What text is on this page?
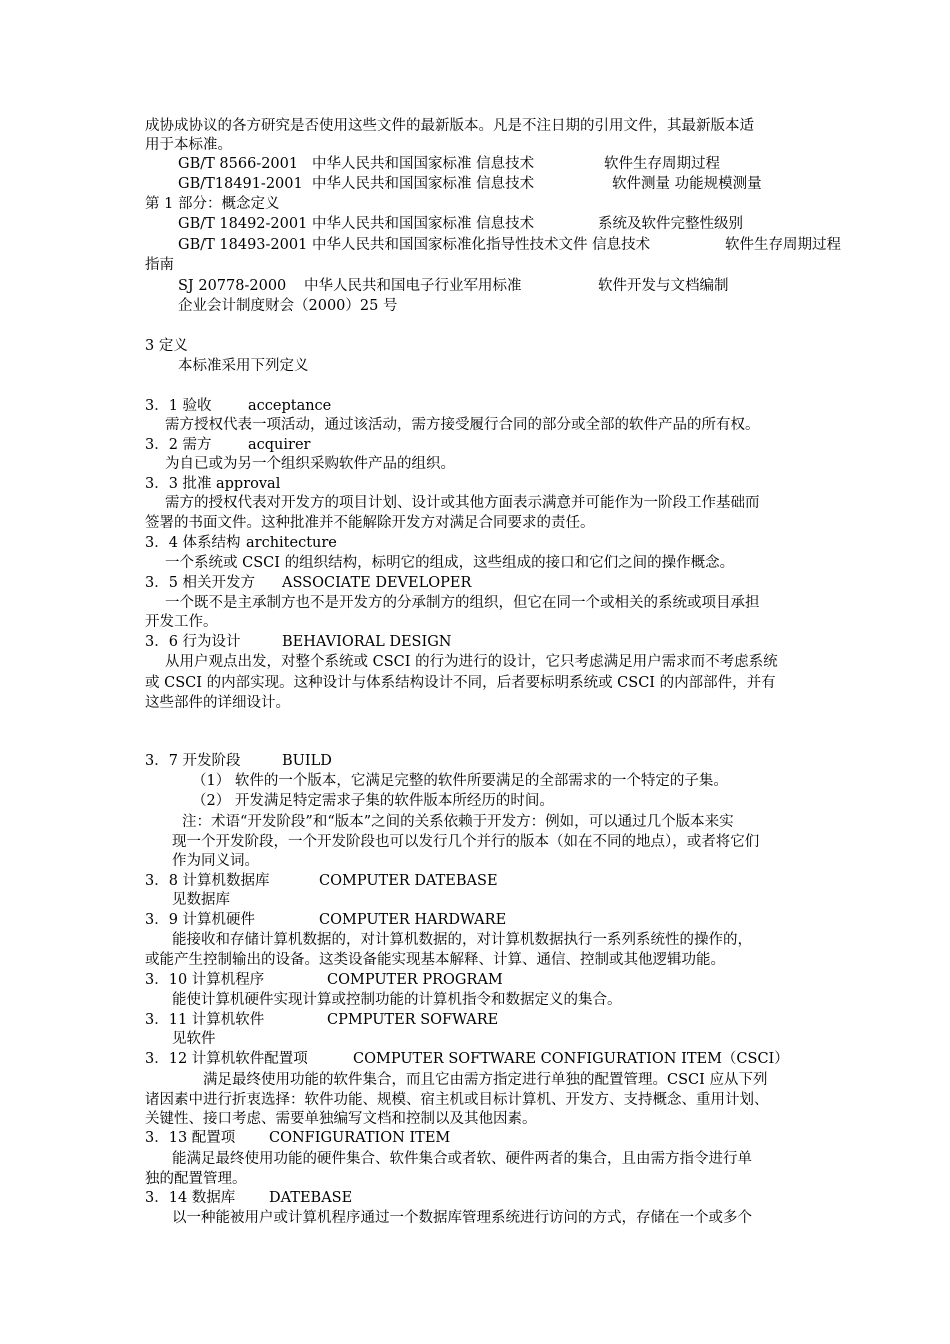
成协成协议的各方研究是否使用这些文件的最新版本。凡是不注日期的引用文件，其最新版本适
用于本标准。
GB/T 8566-2001 中华人民共和国国家标准 信息技术	软件生存周期过程
GB/T18491-2001 中华人民共和国国家标准 信息技术	软件测量 功能规模测量
第 1 部分：概念定义
GB/T 18492-2001 中华人民共和国国家标准 信息技术	系统及软件完整性级别
GB/T 18493-2001 中华人民共和国国家标准化指导性技术文件 信息技术	软件生存周期过程
指南
SJ 20778-2000 中华人民共和国电子行业军用标准	软件开发与文档编制
企业会计制度财会（2000）25 号
3 定义
本标准采用下列定义
3．1 验收	acceptance
需方授权代表一项活动，通过该活动，需方接受履行合同的部分或全部的软件产品的所有权。
3．2 需方	acquirer
为自已或为另一个组织采购软件产品的组织。
3．3 批准 approval
需方的授权代表对开发方的项目计划、设计或其他方面表示满意并可能作为一阶段工作基础而
签署的书面文件。这种批准并不能解除开发方对满足合同要求的责任。
3．4 体系结构 architecture
一个系统或 CSCI 的组织结构，标明它的组成，这些组成的接口和它们之间的操作概念。
3．5 相关开发方 ASSOCIATE DEVELOPER
一个既不是主承制方也不是开发方的分承制方的组织，但它在同一个或相关的系统或项目承担
开发工作。
3．6 行为设计	BEHAVIORAL DESIGN
从用户观点出发，对整个系统或 CSCI 的行为进行的设计，它只考虑满足用户需求而不考虑系统
或 CSCI 的内部实现。这种设计与体系结构设计不同，后者要标明系统或 CSCI 的内部部件，并有
这些部件的详细设计。
3．7 开发阶段	BUILD
（1） 软件的一个版本，它满足完整的软件所要满足的全部需求的一个特定的子集。
（2） 开发满足特定需求子集的软件版本所经历的时间。
注：术语“开发阶段”和“版本”之间的关系依赖于开发方：例如，可以通过几个版本来实
现一个开发阶段，一个开发阶段也可以发行几个并行的版本（如在不同的地点），或者将它们
作为同义词。
3．8 计算机数据库	COMPUTER DATEBASE
见数据库
3．9 计算机硬件	COMPUTER HARDWARE
能接收和存储计算机数据的，对计算机数据的，对计算机数据执行一系列系统性的操作的，
或能产生控制输出的设备。这类设备能实现基本解释、计算、通信、控制或其他逻辑功能。
3．10 计算机程序	COMPUTER PROGRAM
能使计算机硬件实现计算或控制功能的计算机指令和数据定义的集合。
3．11 计算机软件	CPMPUTER SOFWARE
见软件
3．12 计算机软件配置项	COMPUTER SOFTWARE CONFIGURATION ITEM（CSCI）
满足最终使用功能的软件集合，而且它由需方指定进行单独的配置管理。CSCI 应从下列
诸因素中进行折衷选择：软件功能、规模、宿主机或目标计算机、开发方、支持概念、重用计划、
关键性、接口考虑、需要单独编写文档和控制以及其他因素。
3．13 配置项 CONFIGURATION ITEM
能满足最终使用功能的硬件集合、软件集合或者软、硬件两者的集合，且由需方指令进行单
独的配置管理。
3．14 数据库 DATEBASE
以一种能被用户或计算机程序通过一个数据库管理系统进行访问的方式，存储在一个或多个
